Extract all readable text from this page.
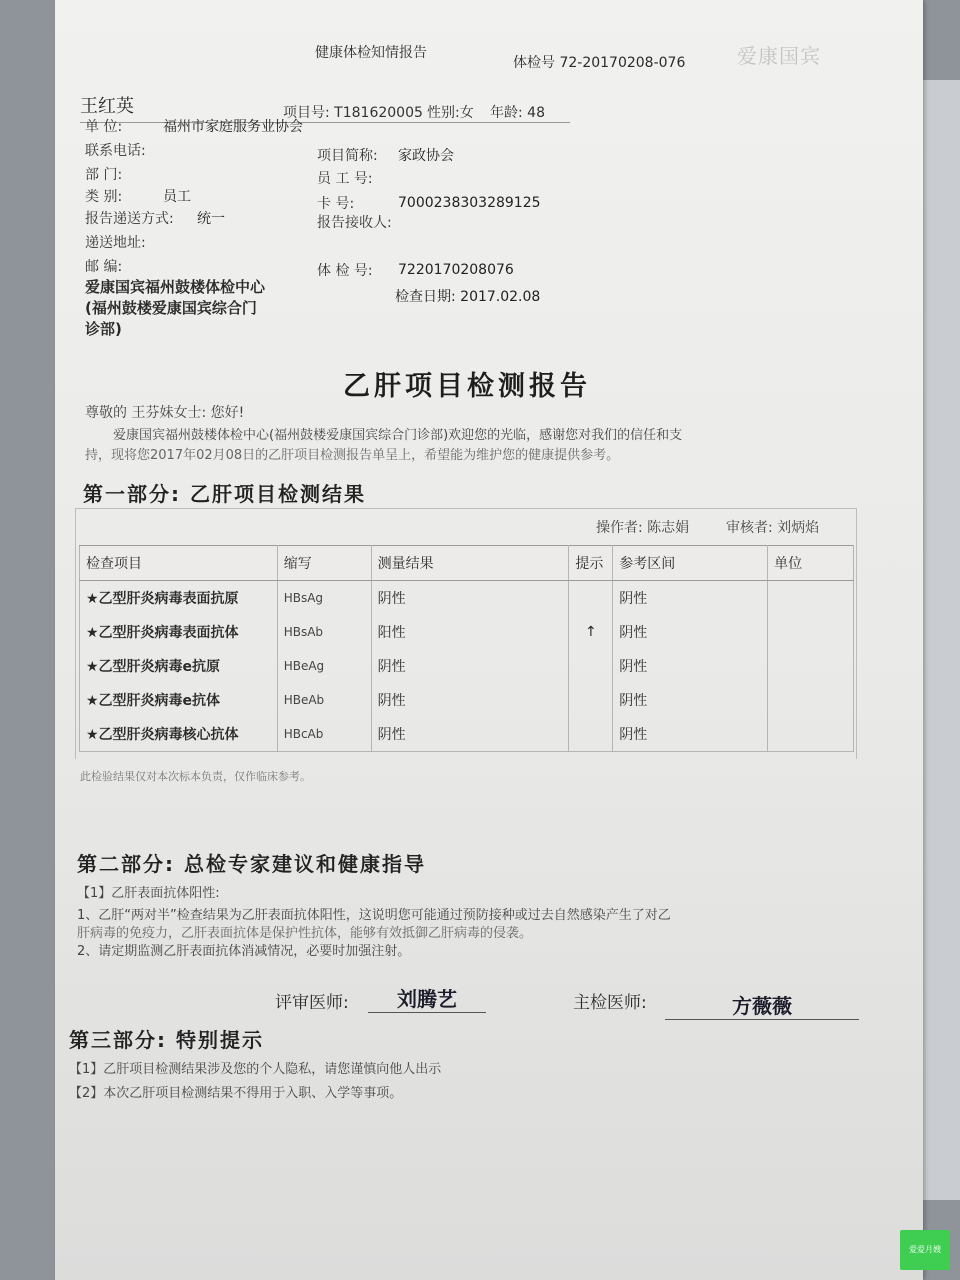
健康体检知情报告
体检号 72-20170208-076	爱康国宾
王红英	项目号: T181620005 性别:女 年龄: 48
单 位:	福州市家庭服务业协会
联系电话:
部 门:
类 别:	员工
报告递送方式: 统一
递送地址:
邮 编:
项目简称: 家政协会
员 工 号:
卡 号:	7000238303289125
报告接收人:
体 检 号: 7220170208076
爱康国宾福州鼓楼体检中心
(福州鼓楼爱康国宾综合门
诊部)
检查日期: 2017.02.08
乙肝项目检测报告
尊敬的 王芬妹女士: 您好!
爱康国宾福州鼓楼体检中心(福州鼓楼爱康国宾综合门诊部)欢迎您的光临，感谢您对我们的信任和支
持，现将您2017年02月08日的乙肝项目检测报告单呈上，希望能为维护您的健康提供参考。
第一部分: 乙肝项目检测结果
操作者: 陈志娟	审核者: 刘炳焰
检查项目	缩写	测量结果	提示	参考区间	单位
★乙型肝炎病毒表面抗原	HBsAg	阴性		阴性	
★乙型肝炎病毒表面抗体	HBsAb	阳性	↑	阴性	
★乙型肝炎病毒e抗原	HBeAg	阴性		阴性	
★乙型肝炎病毒e抗体	HBeAb	阴性		阴性	
★乙型肝炎病毒核心抗体	HBcAb	阴性		阴性	
此检验结果仅对本次标本负责，仅作临床参考。
第二部分: 总检专家建议和健康指导
【1】乙肝表面抗体阳性:
1、乙肝“两对半”检查结果为乙肝表面抗体阳性，这说明您可能通过预防接种或过去自然感染产生了对乙
肝病毒的免疫力，乙肝表面抗体是保护性抗体，能够有效抵御乙肝病毒的侵袭。
2、请定期监测乙肝表面抗体消减情况，必要时加强注射。
评审医师:	刘腾艺	主检医师:	方薇薇
第三部分: 特别提示
【1】乙肝项目检测结果涉及您的个人隐私，请您谨慎向他人出示
【2】本次乙肝项目检测结果不得用于入职、入学等事项。
爱爱月嫂
